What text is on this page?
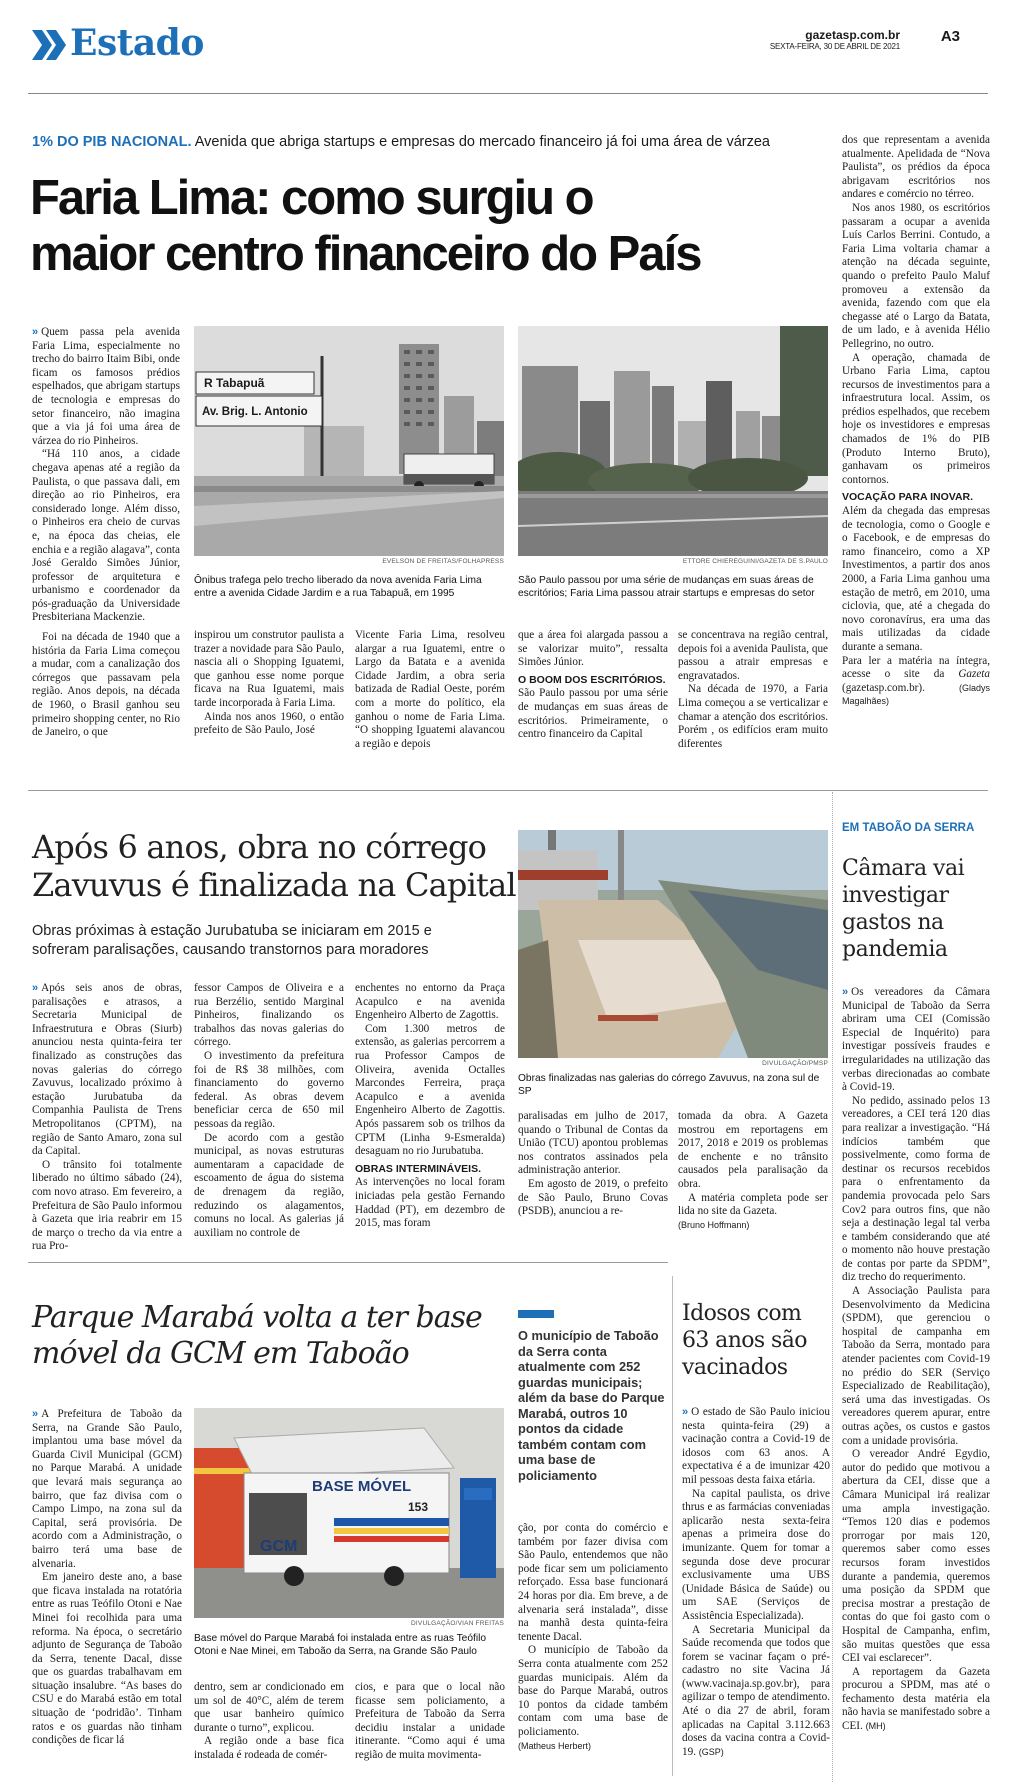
Estado	gazetasp.com.br
SEXTA-FEIRA, 30 DE ABRIL DE 2021
A3
1% DO PIB NACIONAL. Avenida que abriga startups e empresas do mercado financeiro já foi uma área de várzea
Faria Lima: como surgiu o
maior centro financeiro do País

» Quem passa pela avenida Faria Lima, especialmente no trecho do bairro Itaim Bibi, onde ficam os famosos prédios espelhados, que abrigam startups de tecnologia e empresas do setor financeiro, não imagina que a via já foi uma área de várzea do rio Pinheiros.

“Há 110 anos, a cidade chegava apenas até a região da Paulista, o que passava dali, em direção ao rio Pinheiros, era considerado longe. Além disso, o Pinheiros era cheio de curvas e, na época das cheias, ele enchia e a região alagava”, conta José Geraldo Simões Júnior, professor de arquitetura e urbanismo e coordenador da pós-graduação da Universidade Presbiteriana Mackenzie.

Foi na década de 1940 que a história da Faria Lima começou a mudar, com a canalização dos córregos que passavam pela região. Anos depois, na década de 1960, o Brasil ganhou seu primeiro shopping center, no Rio de Janeiro, o que

R Tabapuã
Av. Brig. L. Antonio
EVELSON DE FREITAS/FOLHAPRESS
Ônibus trafega pelo trecho liberado da nova avenida Faria Lima entre a avenida Cidade Jardim e a rua Tabapuã, em 1995
ETTORE CHIEREGUINI/GAZETA DE S.PAULO
São Paulo passou por uma série de mudanças em suas áreas de escritórios; Faria Lima passou atrair startups e empresas do setor

inspirou um construtor paulista a trazer a novidade para São Paulo, nascia ali o Shopping Iguatemi, que ganhou esse nome porque ficava na Rua Iguatemi, mais tarde incorporada à Faria Lima.

Ainda nos anos 1960, o então prefeito de São Paulo, José

Vicente Faria Lima, resolveu alargar a rua Iguatemi, entre o Largo da Batata e a avenida Cidade Jardim, a obra seria batizada de Radial Oeste, porém com a morte do político, ela ganhou o nome de Faria Lima. “O shopping Iguatemi alavancou a região e depois

que a área foi alargada passou a se valorizar muito”, ressalta Simões Júnior.

O BOOM DOS ESCRITÓRIOS.

São Paulo passou por uma série de mudanças em suas áreas de escritórios. Primeiramente, o centro financeiro da Capital

se concentrava na região central, depois foi a avenida Paulista, que passou a atrair empresas e engravatados.

Na década de 1970, a Faria Lima começou a se verticalizar e chamar a atenção dos escritórios. Porém , os edifícios eram muito diferentes

dos que representam a avenida atualmente. Apelidada de “Nova Paulista”, os prédios da época abrigavam escritórios nos andares e comércio no térreo.

Nos anos 1980, os escritórios passaram a ocupar a avenida Luís Carlos Berrini. Contudo, a Faria Lima voltaria chamar a atenção na década seguinte, quando o prefeito Paulo Maluf promoveu a extensão da avenida, fazendo com que ela chegasse até o Largo da Batata, de um lado, e à avenida Hélio Pellegrino, no outro.

A operação, chamada de Urbano Faria Lima, captou recursos de investimentos para a infraestrutura local. Assim, os prédios espelhados, que recebem hoje os investidores e empresas chamados de 1% do PIB (Produto Interno Bruto), ganhavam os primeiros contornos.

VOCAÇÃO PARA INOVAR.

Além da chegada das empresas de tecnologia, como o Google e o Facebook, e de empresas do ramo financeiro, como a XP Investimentos, a partir dos anos 2000, a Faria Lima ganhou uma estação de metrô, em 2010, uma ciclovia, que, até a chegada do novo coronavírus, era uma das mais utilizadas da cidade durante a semana.

Para ler a matéria na íntegra, acesse o site da Gazeta (gazetasp.com.br).	(Gladys Magalhães)

Após 6 anos, obra no córrego
Zavuvus é finalizada na Capital
Obras próximas à estação Jurubatuba se iniciaram em 2015 e sofreram paralisações, causando transtornos para moradores

» Após seis anos de obras, paralisações e atrasos, a Secretaria Municipal de Infraestrutura e Obras (Siurb) anunciou nesta quinta-feira ter finalizado as construções das novas galerias do córrego Zavuvus, localizado próximo à estação Jurubatuba da Companhia Paulista de Trens Metropolitanos (CPTM), na região de Santo Amaro, zona sul da Capital.

O trânsito foi totalmente liberado no último sábado (24), com novo atraso. Em fevereiro, a Prefeitura de São Paulo informou à Gazeta que iria reabrir em 15 de março o trecho da via entre a rua Pro-

fessor Campos de Oliveira e a rua Berzélio, sentido Marginal Pinheiros, finalizando os trabalhos das novas galerias do córrego.

O investimento da prefeitura foi de R$ 38 milhões, com financiamento do governo federal. As obras devem beneficiar cerca de 650 mil pessoas da região.

De acordo com a gestão municipal, as novas estruturas aumentaram a capacidade de escoamento de água do sistema de drenagem da região, reduzindo os alagamentos, comuns no local. As galerias já auxiliam no controle de

enchentes no entorno da Praça Acapulco e na avenida Engenheiro Alberto de Zagottis.

Com 1.300 metros de extensão, as galerias percorrem a rua Professor Campos de Oliveira, avenida Octalles Marcondes Ferreira, praça Acapulco e a avenida Engenheiro Alberto de Zagottis. Após passarem sob os trilhos da CPTM (Linha 9-Esmeralda) desaguam no rio Jurubatuba.

OBRAS INTERMINÁVEIS.

As intervenções no local foram iniciadas pela gestão Fernando Haddad (PT), em dezembro de 2015, mas foram

DIVULGAÇÃO/PMSP
Obras finalizadas nas galerias do córrego Zavuvus, na zona sul de SP

paralisadas em julho de 2017, quando o Tribunal de Contas da União (TCU) apontou problemas nos contratos assinados pela administração anterior.

Em agosto de 2019, o prefeito de São Paulo, Bruno Covas (PSDB), anunciou a re-

tomada da obra. A Gazeta mostrou em reportagens em 2017, 2018 e 2019 os problemas de enchente e no trânsito causados pela paralisação da obra.

A matéria completa pode ser lida no site da Gazeta.

(Bruno Hoffmann)

EM TABOÃO DA SERRA
Câmara vai investigar gastos na pandemia

» Os vereadores da Câmara Municipal de Taboão da Serra abriram uma CEI (Comissão Especial de Inquérito) para investigar possíveis fraudes e irregularidades na utilização das verbas direcionadas ao combate à Covid-19.

No pedido, assinado pelos 13 vereadores, a CEI terá 120 dias para realizar a investigação. “Há indícios também que possivelmente, como forma de destinar os recursos recebidos para o enfrentamento da pandemia provocada pelo Sars Cov2 para outros fins, que não seja a destinação legal tal verba e também considerando que até o momento não houve prestação de contas por parte da SPDM”, diz trecho do requerimento.

A Associação Paulista para Desenvolvimento da Medicina (SPDM), que gerenciou o hospital de campanha em Taboão da Serra, montado para atender pacientes com Covid-19 no prédio do SER (Serviço Especializado de Reabilitação), será uma das investigadas. Os vereadores querem apurar, entre outras ações, os custos e gastos com a unidade provisória.

O vereador André Egydio, autor do pedido que motivou a abertura da CEI, disse que a Câmara Municipal irá realizar uma ampla investigação. “Temos 120 dias e podemos prorrogar por mais 120, queremos saber como esses recursos foram investidos durante a pandemia, queremos uma posição da SPDM que precisa mostrar a prestação de contas do que foi gasto com o Hospital de Campanha, enfim, são muitas questões que essa CEI vai esclarecer”.

A reportagem da Gazeta procurou a SPDM, mas até o fechamento desta matéria ela não havia se manifestado sobre a CEI. (MH)

Parque Marabá volta a ter base
móvel da GCM em Taboão

» A Prefeitura de Taboão da Serra, na Grande São Paulo, implantou uma base móvel da Guarda Civil Municipal (GCM) no Parque Marabá. A unidade que levará mais segurança ao bairro, que faz divisa com o Campo Limpo, na zona sul da Capital, será provisória. De acordo com a Administração, o bairro terá uma base de alvenaria.

Em janeiro deste ano, a base que ficava instalada na rotatória entre as ruas Teófilo Otoni e Nae Minei foi recolhida para uma reforma. Na época, o secretário adjunto de Segurança de Taboão da Serra, tenente Dacal, disse que os guardas trabalhavam em situação insalubre. “As bases do CSU e do Marabá estão em total situação de ‘podridão’. Tinham ratos e os guardas não tinham condições de ficar lá

BASE MÓVEL
GCM
153
DIVULGAÇÃO/VIAN FREITAS
Base móvel do Parque Marabá foi instalada entre as ruas Teófilo Otoni e Nae Minei, em Taboão da Serra, na Grande São Paulo

dentro, sem ar condicionado em um sol de 40°C, além de terem que usar banheiro químico durante o turno”, explicou.

A região onde a base fica instalada é rodeada de comér-

cios, e para que o local não ficasse sem policiamento, a Prefeitura de Taboão da Serra decidiu instalar a unidade itinerante. “Como aqui é uma região de muita movimenta-

O município de Taboão da Serra conta atualmente com 252 guardas municipais; além da base do Parque Marabá, outros 10 pontos da cidade também contam com uma base de policiamento

ção, por conta do comércio e também por fazer divisa com São Paulo, entendemos que não pode ficar sem um policiamento reforçado. Essa base funcionará 24 horas por dia. Em breve, a de alvenaria será instalada”, disse na manhã desta quinta-feira tenente Dacal.

O município de Taboão da Serra conta atualmente com 252 guardas municipais. Além da base do Parque Marabá, outros 10 pontos da cidade também contam com uma base de policiamento.

(Matheus Herbert)

Idosos com 63 anos são vacinados

» O estado de São Paulo iniciou nesta quinta-feira (29) a vacinação contra a Covid-19 de idosos com 63 anos. A expectativa é a de imunizar 420 mil pessoas desta faixa etária.

Na capital paulista, os drive thrus e as farmácias conveniadas aplicarão nesta sexta-feira apenas a primeira dose do imunizante. Quem for tomar a segunda dose deve procurar exclusivamente uma UBS (Unidade Básica de Saúde) ou um SAE (Serviços de Assistência Especializada).

A Secretaria Municipal da Saúde recomenda que todos que forem se vacinar façam o pré-cadastro no site Vacina Já (www.vacinaja.sp.gov.br), para agilizar o tempo de atendimento. Até o dia 27 de abril, foram aplicadas na Capital 3.112.663 doses da vacina contra a Covid-19. (GSP)
